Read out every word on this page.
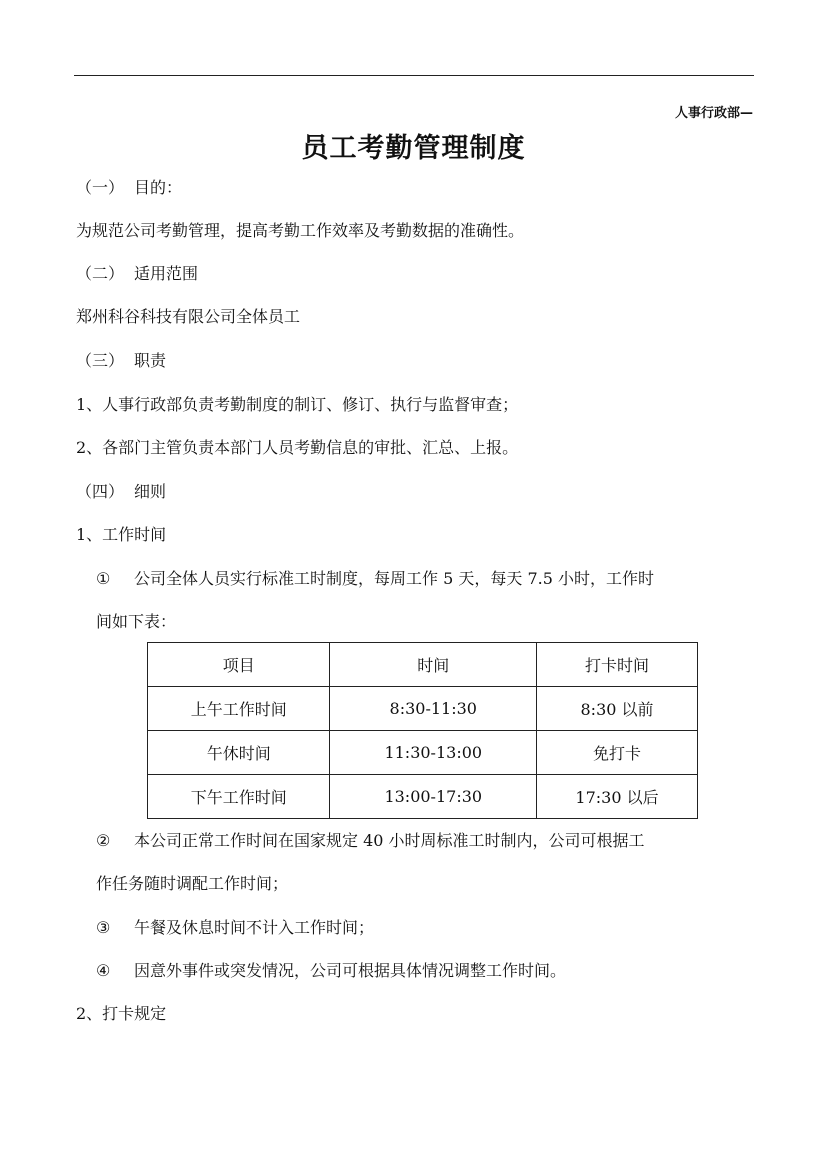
人事行政部—
员工考勤管理制度
（一） 目的：
为规范公司考勤管理，提高考勤工作效率及考勤数据的准确性。
（二） 适用范围
郑州科谷科技有限公司全体员工
（三） 职责
1、人事行政部负责考勤制度的制订、修订、执行与监督审查；
2、各部门主管负责本部门人员考勤信息的审批、汇总、上报。
（四） 细则
1、工作时间
① 公司全体人员实行标准工时制度，每周工作 5 天，每天 7.5 小时，工作时
间如下表：
项目	时间	打卡时间
上午工作时间	8:30-11:30	8:30 以前
午休时间	11:30-13:00	免打卡
下午工作时间	13:00-17:30	17:30 以后
② 本公司正常工作时间在国家规定 40 小时周标准工时制内，公司可根据工
作任务随时调配工作时间；
③ 午餐及休息时间不计入工作时间；
④ 因意外事件或突发情况，公司可根据具体情况调整工作时间。
2、打卡规定
